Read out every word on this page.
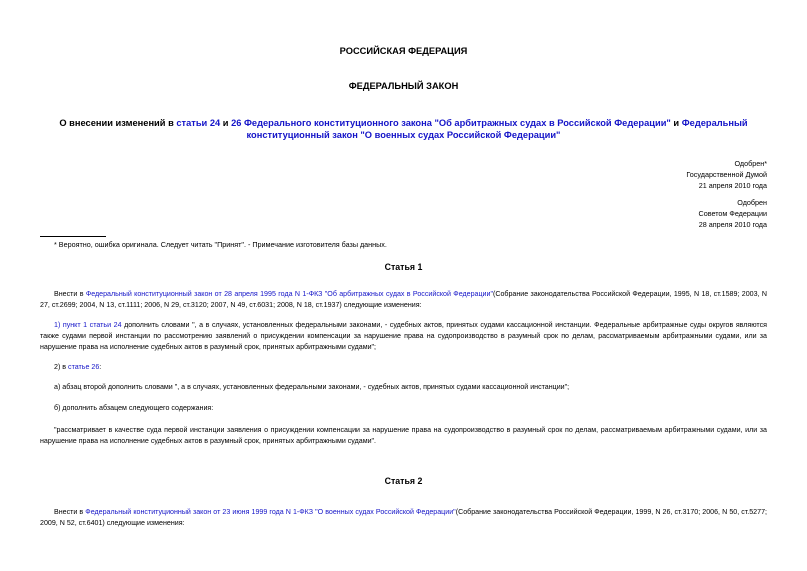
РОССИЙСКАЯ ФЕДЕРАЦИЯ
ФЕДЕРАЛЬНЫЙ ЗАКОН
О внесении изменений в статьи 24 и 26 Федерального конституционного закона "Об арбитражных судах в Российской Федерации" и Федеральный
конституционный закон "О военных судах Российской Федерации"
Одобрен*
Государственной Думой
21 апреля 2010 года
Одобрен
Советом Федерации
28 апреля 2010 года
* Вероятно, ошибка оригинала. Следует читать "Принят". - Примечание изготовителя базы данных.
Статья 1
Внести в Федеральный конституционный закон от 28 апреля 1995 года N 1-ФКЗ "Об арбитражных судах в Российской Федерации"(Собрание законодательства Российской Федерации, 1995, N 18, ст.1589; 2003, N 27, ст.2699; 2004, N 13, ст.1111; 2006, N 29, ст.3120; 2007, N 49, ст.6031; 2008, N 18, ст.1937) следующие изменения:
1) пункт 1 статьи 24 дополнить словами ", а в случаях, установленных федеральными законами, - судебных актов, принятых судами кассационной инстанции. Федеральные арбитражные суды округов являются также судами первой инстанции по рассмотрению заявлений о присуждении компенсации за нарушение права на судопроизводство в разумный срок по делам, рассматриваемым арбитражными судами, или за нарушение права на исполнение судебных актов в разумный срок, принятых арбитражными судами";
2) в статье 26:
а) абзац второй дополнить словами ", а в случаях, установленных федеральными законами, - судебных актов, принятых судами кассационной инстанции";
б) дополнить абзацем следующего содержания:
"рассматривает в качестве суда первой инстанции заявления о присуждении компенсации за нарушение права на судопроизводство в разумный срок по делам, рассматриваемым арбитражными судами, или за нарушение права на исполнение судебных актов в разумный срок, принятых арбитражными судами".
Статья 2
Внести в Федеральный конституционный закон от 23 июня 1999 года N 1-ФКЗ "О военных судах Российской Федерации"(Собрание законодательства Российской Федерации, 1999, N 26, ст.3170; 2006, N 50, ст.5277; 2009, N 52, ст.6401) следующие изменения:
